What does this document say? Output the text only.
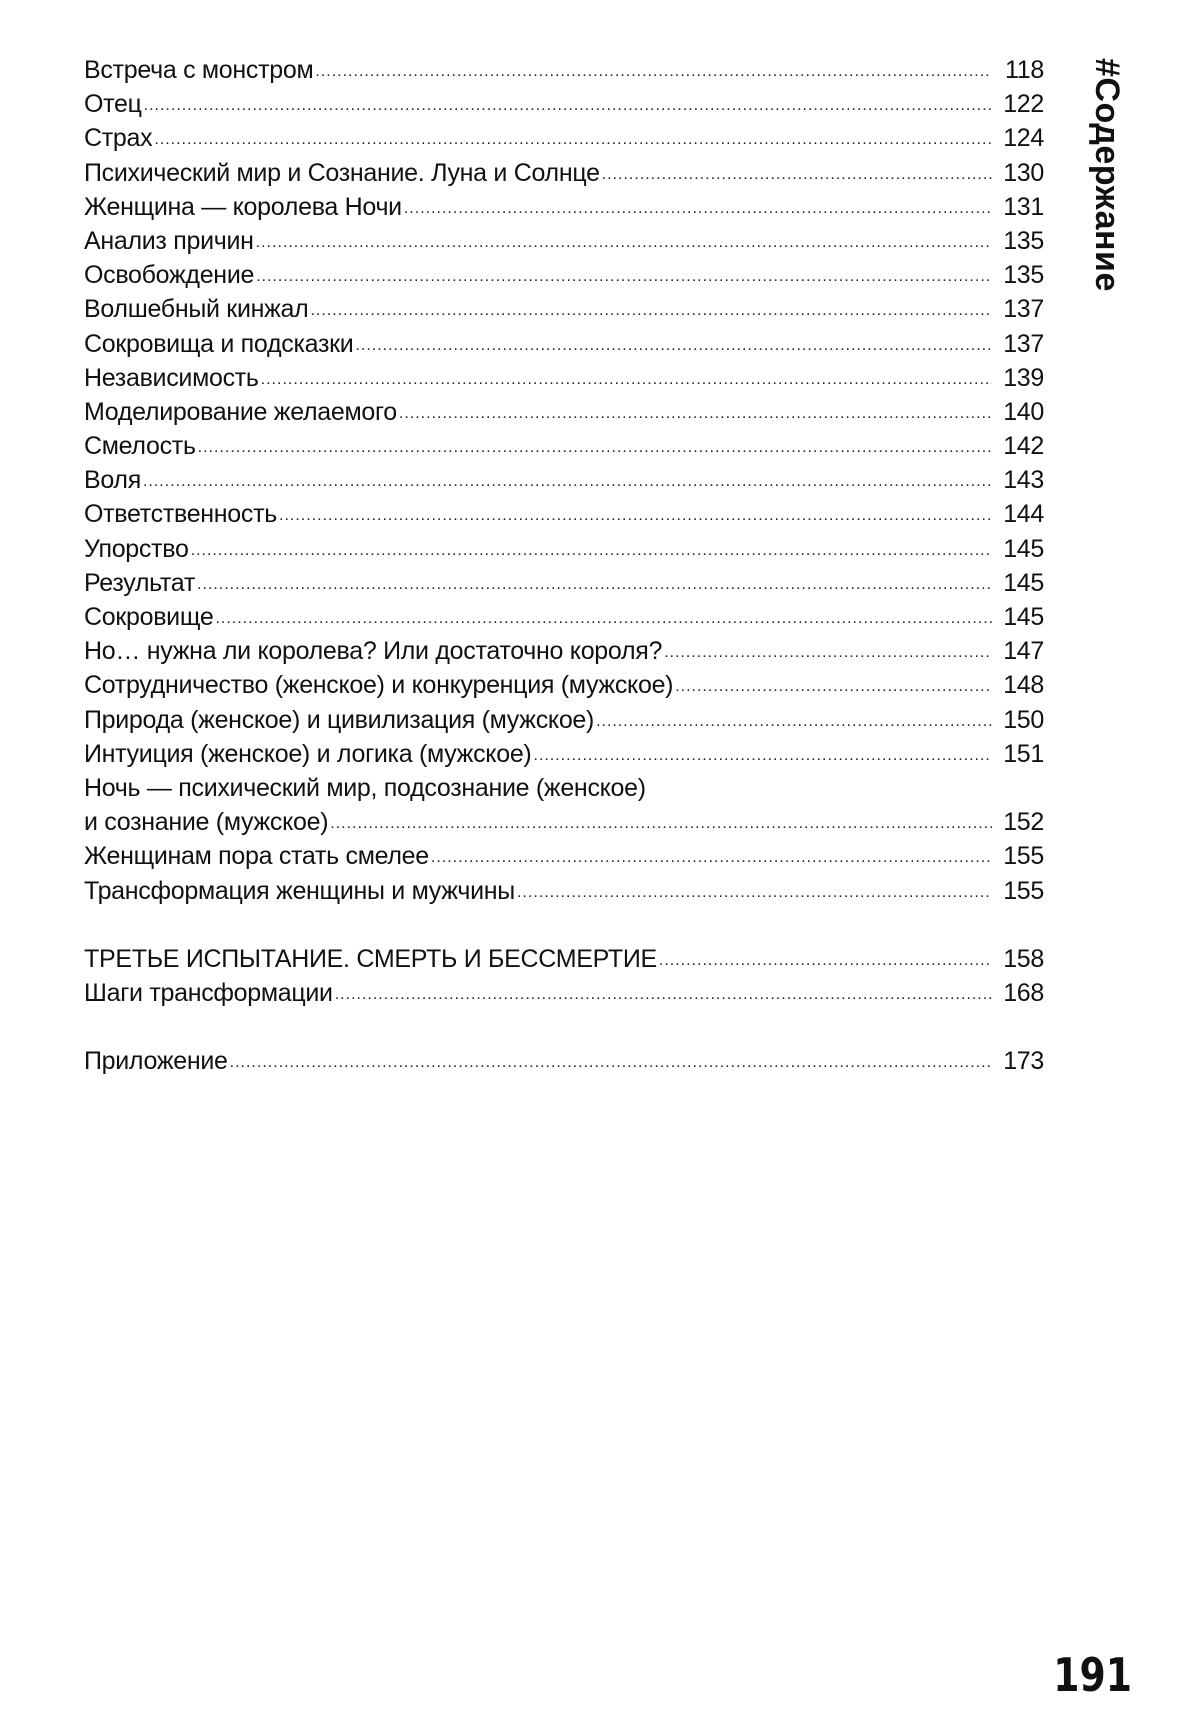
Встреча с монстром .....	118
Отец .....	122
Страх .....	124
Психический мир и Сознание. Луна и Солнце .....	130
Женщина — королева Ночи .....	131
Анализ причин .....	135
Освобождение .....	135
Волшебный кинжал .....	137
Сокровища и подсказки .....	137
Независимость .....	139
Моделирование желаемого .....	140
Смелость .....	142
Воля .....	143
Ответственность .....	144
Упорство .....	145
Результат .....	145
Сокровище .....	145
Но… нужна ли королева? Или достаточно короля? .....	147
Сотрудничество (женское) и конкуренция (мужское) .....	148
Природа (женское) и цивилизация (мужское) .....	150
Интуиция (женское) и логика (мужское) .....	151
Ночь — психический мир, подсознание (женское)
и сознание (мужское) .....	152
Женщинам пора стать смелее .....	155
Трансформация женщины и мужчины .....	155
ТРЕТЬЕ ИСПЫТАНИЕ. СМЕРТЬ И БЕССМЕРТИЕ .....	158
Шаги трансформации .....	168
Приложение .....	173
#Содержание
191
